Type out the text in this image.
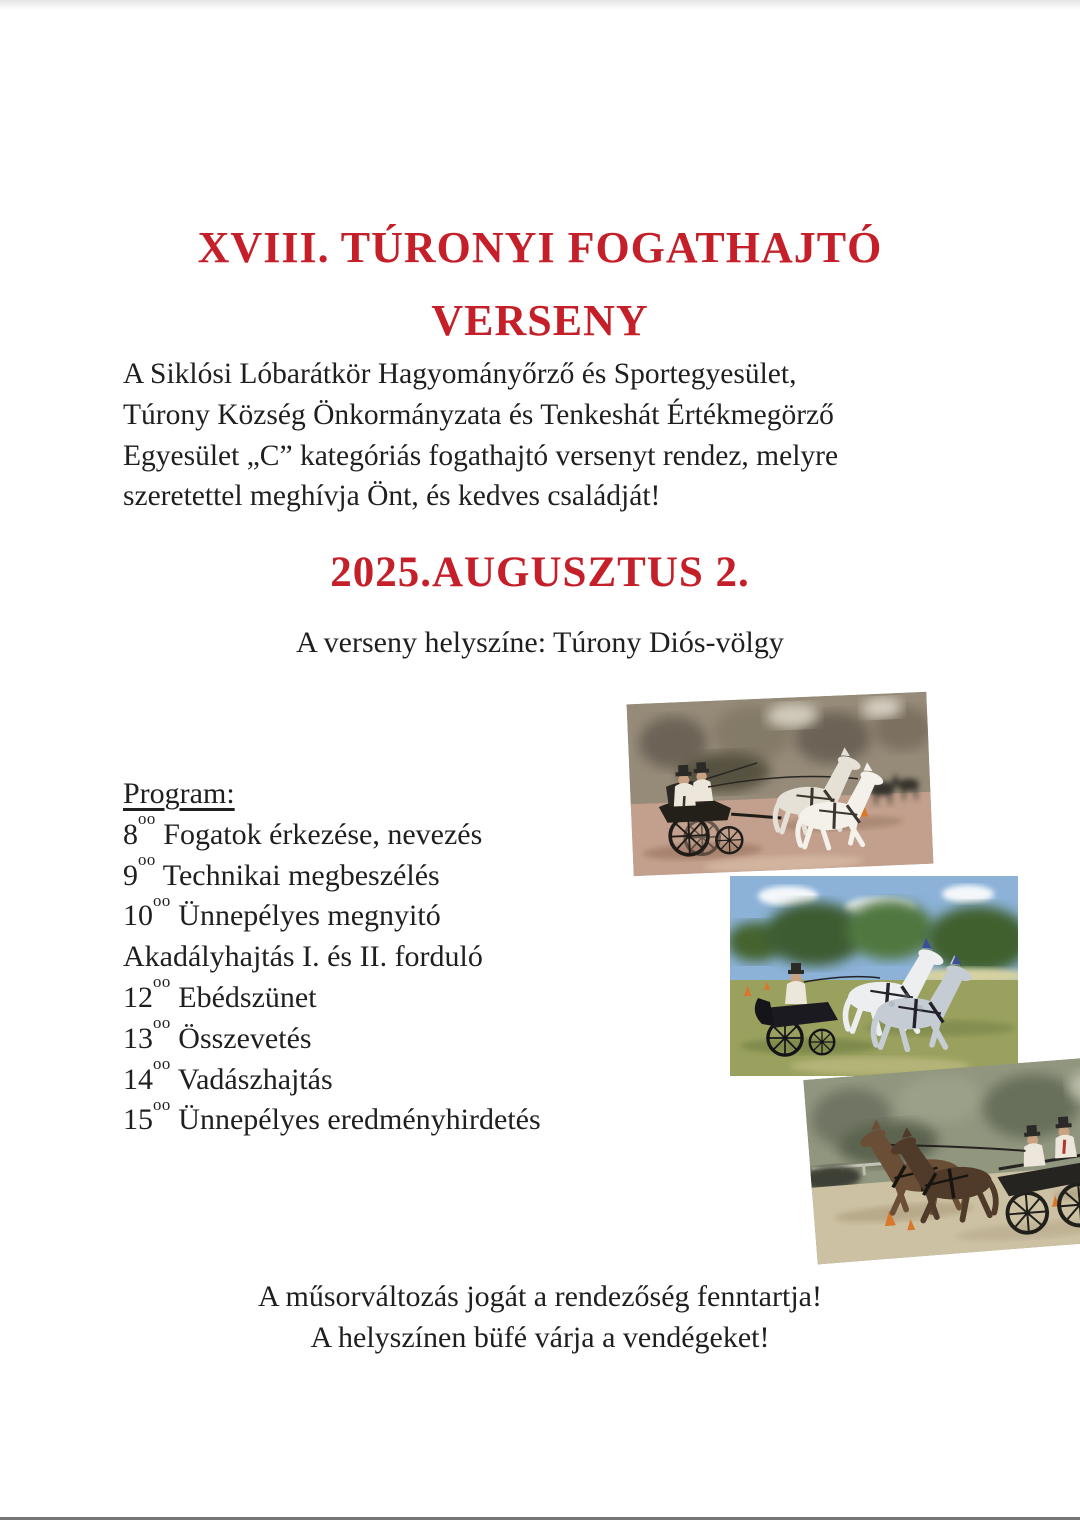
XVIII. TÚRONYI FOGATHAJTÓ
VERSENY
A Siklósi Lóbarátkör Hagyományőrző és Sportegyesület,
Túrony Község Önkormányzata és Tenkeshát Értékmegörző
Egyesület „C” kategóriás fogathajtó versenyt rendez, melyre
szeretettel meghívja Önt, és kedves családját!
2025.AUGUSZTUS 2.
A verseny helyszíne: Túrony Diós-völgy
Program:
$8^{oo}$ Fogatok érkezése, nevezés
$9^{oo}$ Technikai megbeszélés
$10^{oo}$ Ünnepélyes megnyitó
Akadályhajtás I. és II. forduló
$12^{oo}$ Ebédszünet
$13^{oo}$ Összevetés
$14^{oo}$ Vadászhajtás
$15^{oo}$ Ünnepélyes eredményhirdetés
A műsorváltozás jogát a rendezőség fenntartja!
A helyszínen büfé várja a vendégeket!
